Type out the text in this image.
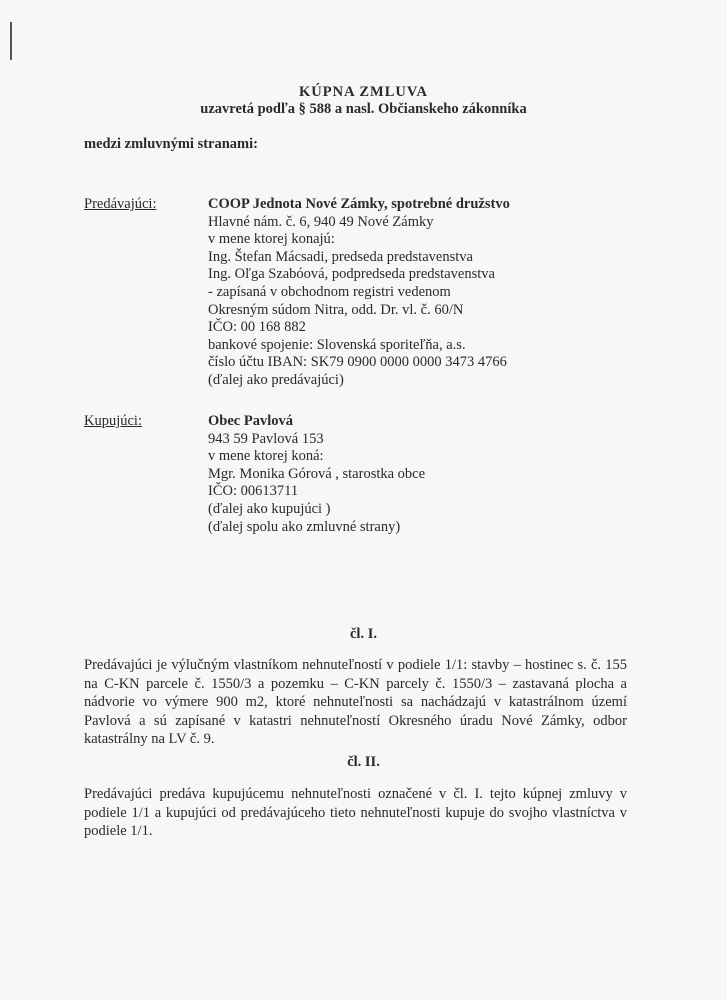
KÚPNA ZMLUVA
uzavretá podľa § 588 a nasl. Občianskeho zákonníka
medzi zmluvnými stranami:
Predávajúci:	COOP Jednota Nové Zámky, spotrebné družstvo
Hlavné nám. č. 6, 940 49 Nové Zámky
v mene ktorej konajú:
Ing. Štefan Mácsadi, predseda predstavenstva
Ing. Oľga Szabóová, podpredseda predstavenstva
- zapísaná v obchodnom registri vedenom
Okresným súdom Nitra, odd. Dr. vl. č. 60/N
IČO: 00 168 882
bankové spojenie: Slovenská sporiteľňa, a.s.
číslo účtu IBAN: SK79 0900 0000 0000 3473 4766
(ďalej ako predávajúci)
Kupujúci:	Obec Pavlová
943 59 Pavlová 153
v mene ktorej koná:
Mgr. Monika Górová , starostka obce
IČO: 00613711
(ďalej ako kupujúci )
(ďalej spolu ako zmluvné strany)
čl. I.

Predávajúci je výlučným vlastníkom nehnuteľností v podiele 1/1: stavby – hostinec s. č. 155 na C-KN parcele č. 1550/3 a pozemku – C-KN parcely č. 1550/3 – zastavaná plocha a nádvorie vo výmere 900 m2, ktoré nehnuteľnosti sa nachádzajú v katastrálnom území Pavlová a sú zapísané v katastri nehnuteľností Okresného úradu Nové Zámky, odbor katastrálny na LV č. 9.

čl. II.

Predávajúci predáva kupujúcemu nehnuteľnosti označené v čl. I. tejto kúpnej zmluvy v podiele 1/1 a kupujúci od predávajúceho tieto nehnuteľnosti kupuje do svojho vlastníctva v podiele 1/1.
